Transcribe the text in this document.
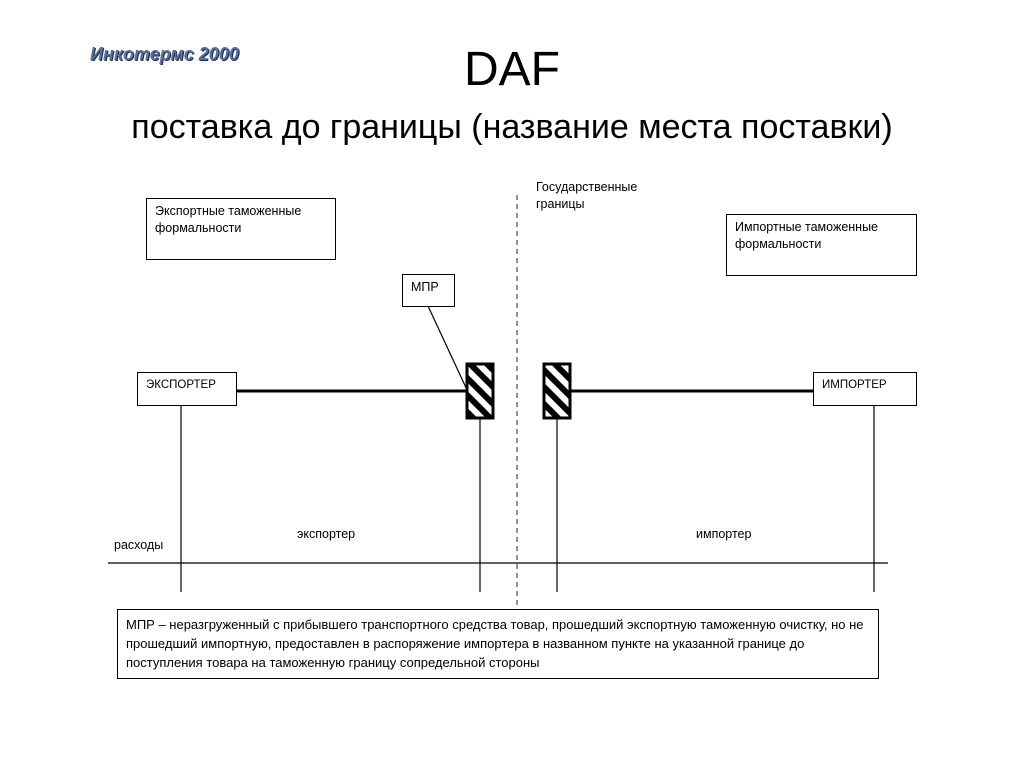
Инкотермс 2000	DAF
поставка до границы (название места поставки)
Государственные границы
Экспортные таможенные формальности	Импортные таможенные формальности
МПР
ЭКСПОРТЕР	ИМПОРТЕР
расходы
экспортер	импортер
МПР – неразгруженный с прибывшего транспортного средства товар, прошедший экспортную таможенную очистку, но не прошедший импортную, предоставлен в распоряжение импортера в названном пункте на указанной границе до поступления товара на таможенную границу сопредельной стороны
